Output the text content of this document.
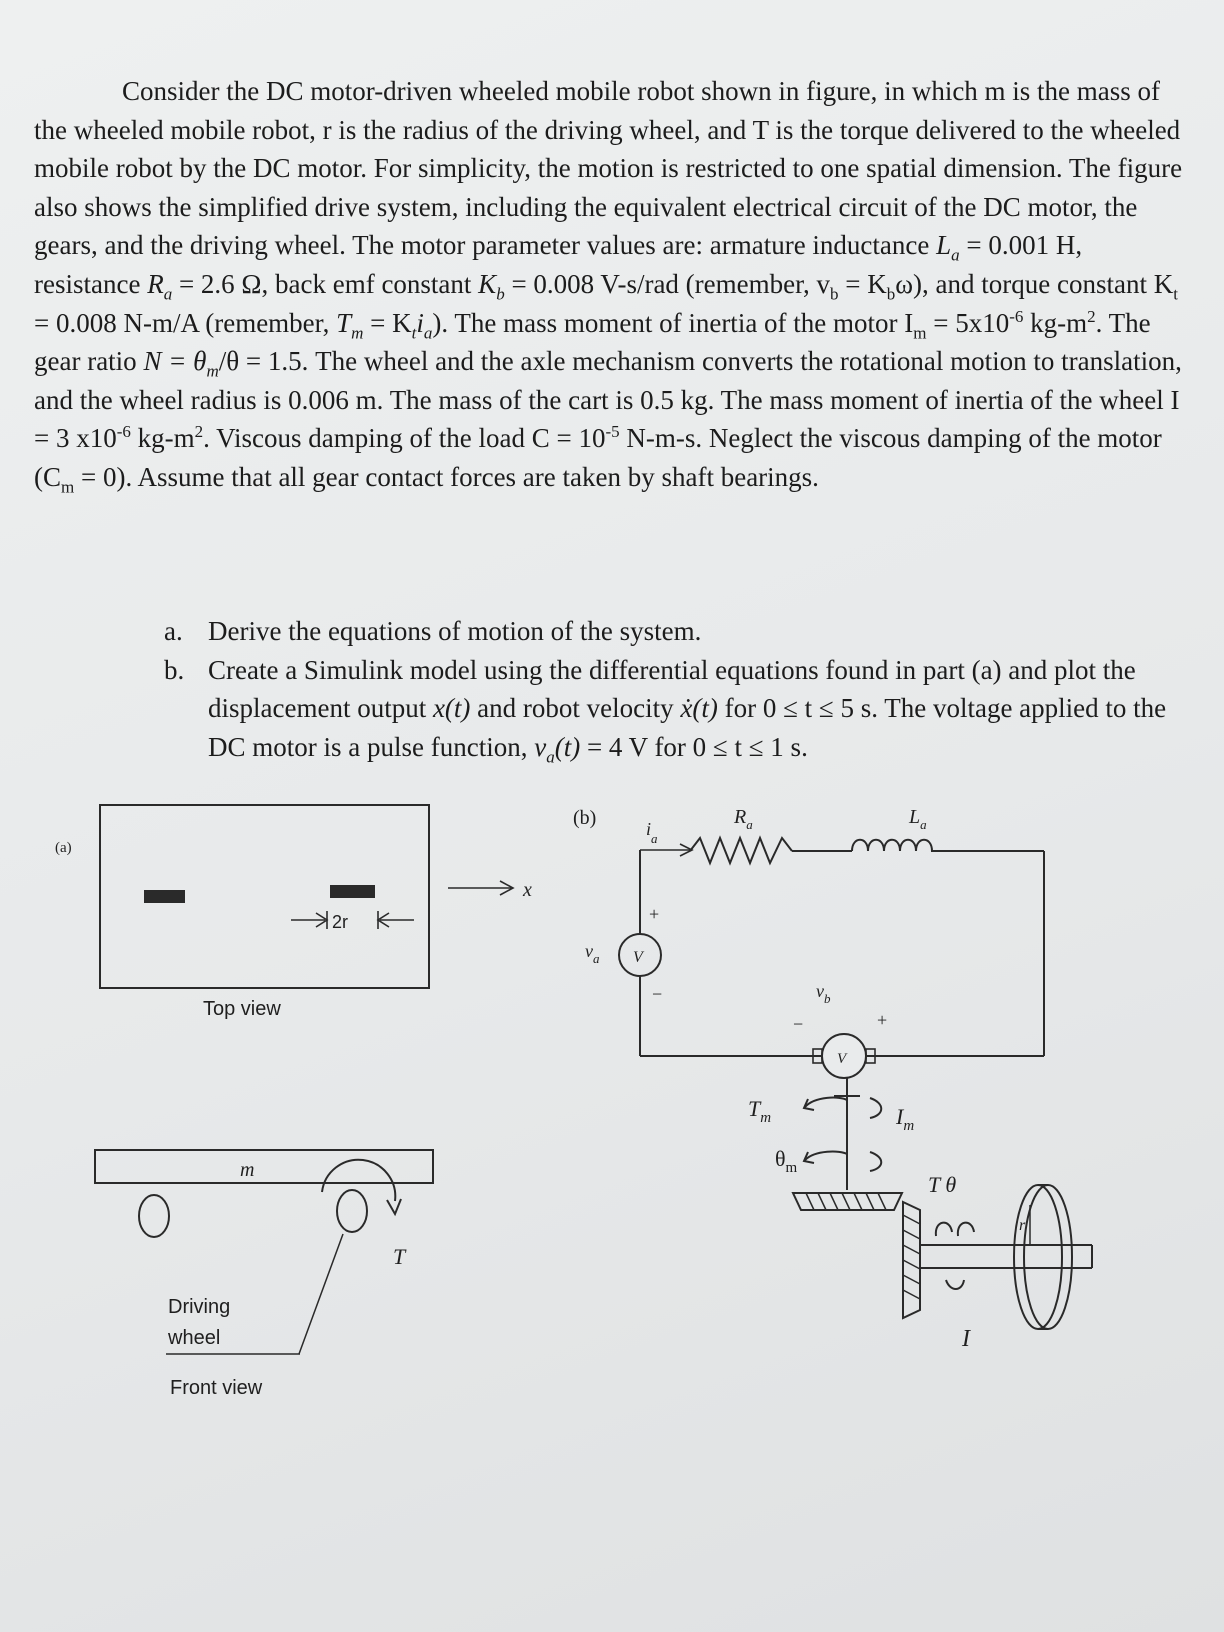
Consider the DC motor-driven wheeled mobile robot shown in figure, in which m is the mass of the wheeled mobile robot, r is the radius of the driving wheel, and T is the torque delivered to the wheeled mobile robot by the DC motor. For simplicity, the motion is restricted to one spatial dimension. The figure also shows the simplified drive system, including the equivalent electrical circuit of the DC motor, the gears, and the driving wheel. The motor parameter values are: armature inductance $L_a = 0.001$ H, resistance $R_a = 2.6$ Ω, back emf constant $K_b = 0.008$ V-s/rad (remember, $v_b = K_b\omega$), and torque constant $K_t = 0.008$ N-m/A (remember, $T_m = K_ti_a$). The mass moment of inertia of the motor $I_m = 5x10^{-6}$ $kg-m^2$. The gear ratio $N = \theta_m/\theta = 1.5$. The wheel and the axle mechanism converts the rotational motion to translation, and the wheel radius is 0.006 m. The mass of the cart is 0.5 kg. The mass moment of inertia of the wheel I = 3 $x10^{-6}$ $kg-m^2$. Viscous damping of the load $C = 10^{-5}$ N-m-s. Neglect the viscous damping of the motor $(C_m = 0)$. Assume that all gear contact forces are taken by shaft bearings.

a. Derive the equations of motion of the system.
b. Create a Simulink model using the differential equations found in part (a) and plot the displacement output x(t) and robot velocity ẋ(t) for 0 ≤ t ≤ 5 s. The voltage applied to the DC motor is a pulse function, $v_a(t) = 4$ V for 0 ≤ t ≤ 1 s.
(a)
2r
x
Top view
m
T
Driving
wheel
Front view
(b)	$i_a$
$R_a$	$L_a$
V
+
$v_a$
−	$v_b$
−	+
V
$T_m$	$I_m$
$\theta_m$
T θ
r
I
